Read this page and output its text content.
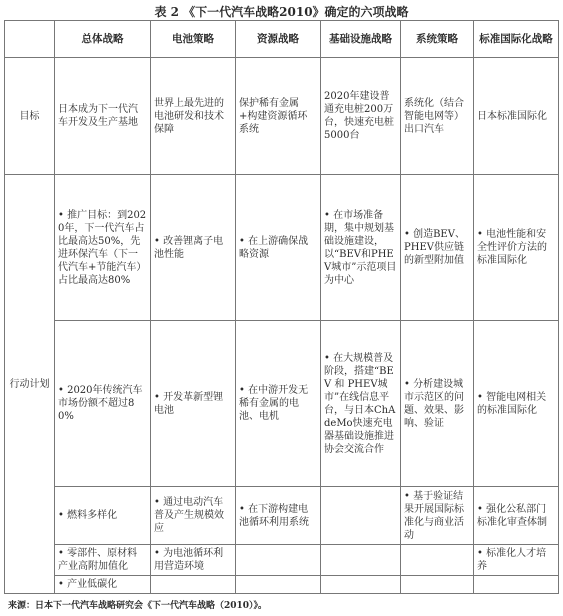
表 2 《下一代汽车战略2010》确定的六项战略
	总体战略	电池策略	资源战略	基础设施战略	系统策略	标准国际化战略
目标	日本成为下一代汽车开发及生产基地	世界上最先进的电池研发和技术保障	保护稀有金属+构建资源循环系统	2020年建设普通充电桩200万台，快速充电桩5000台	系统化（结合智能电网等）出口汽车	日本标准国际化
行动计划	• 推广目标：到2020年，下一代汽车占比最高达50%，先进环保汽车（下一代汽车+节能汽车）占比最高达80%	• 改善锂离子电池性能	• 在上游确保战略资源	• 在市场准备期，集中规划基础设施建设，以“BEV和PHEV城市”示范项目为中心	• 创造BEV、PHEV供应链的新型附加值	• 电池性能和安全性评价方法的标准国际化
	• 2020年传统汽车市场份额不超过80%	• 开发革新型锂电池	• 在中游开发无稀有金属的电池、电机	• 在大规模普及阶段，搭建“BEV 和 PHEV城市”在线信息平台，与日本ChAdeMo快速充电器基础设施推进协会交流合作	• 分析建设城市示范区的问题、效果、影响、验证	• 智能电网相关的标准国际化
	• 燃料多样化	• 通过电动汽车普及产生规模效应	• 在下游构建电池循环利用系统		• 基于验证结果开展国际标准化与商业活动	• 强化公私部门标准化审查体制
	• 零部件、原材料产业高附加值化	• 为电池循环利用营造环境				• 标准化人才培养
	• 产业低碳化					
来源：日本下一代汽车战略研究会《下一代汽车战略（2010）》。
